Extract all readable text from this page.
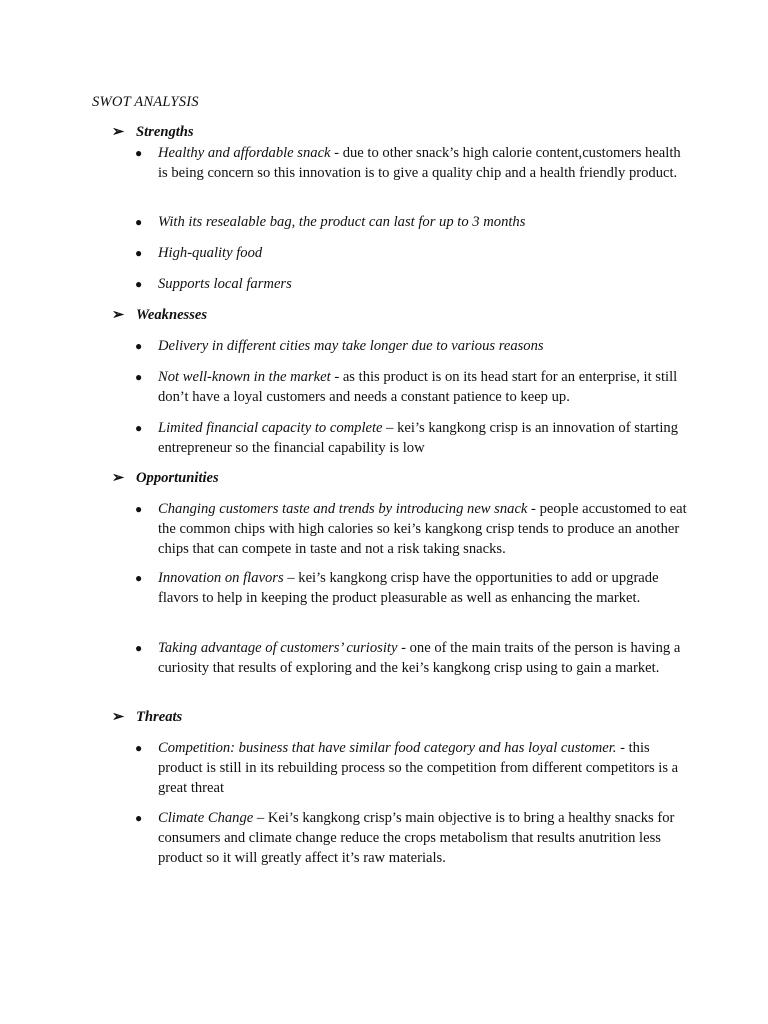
SWOT ANALYSIS
➢ Strengths
● Healthy and affordable snack - due to other snack’s high calorie content,customers health is being concern so this innovation is to give a quality chip and a health friendly product.
● With its resealable bag, the product can last for up to 3 months
● High-quality food
● Supports local farmers
➢ Weaknesses
● Delivery in different cities may take longer due to various reasons
● Not well-known in the market - as this product is on its head start for an enterprise, it still don’t have a loyal customers and needs a constant patience to keep up.
● Limited financial capacity to complete – kei’s kangkong crisp is an innovation of starting entrepreneur so the financial capability is low
➢ Opportunities
● Changing customers taste and trends by introducing new snack - people accustomed to eat the common chips with high calories so kei’s kangkong crisp tends to produce an another chips that can compete in taste and not a risk taking snacks.
● Innovation on flavors – kei’s kangkong crisp have the opportunities to add or upgrade flavors to help in keeping the product pleasurable as well as enhancing the market.
● Taking advantage of customers’ curiosity - one of the main traits of the person is having a curiosity that results of exploring and the kei’s kangkong crisp using to gain a market.
➢ Threats
● Competition: business that have similar food category and has loyal customer. - this product is still in its rebuilding process so the competition from different competitors is a great threat
● Climate Change – Kei’s kangkong crisp’s main objective is to bring a healthy snacks for consumers and climate change reduce the crops metabolism that results anutrition less product so it will greatly affect it’s raw materials.
